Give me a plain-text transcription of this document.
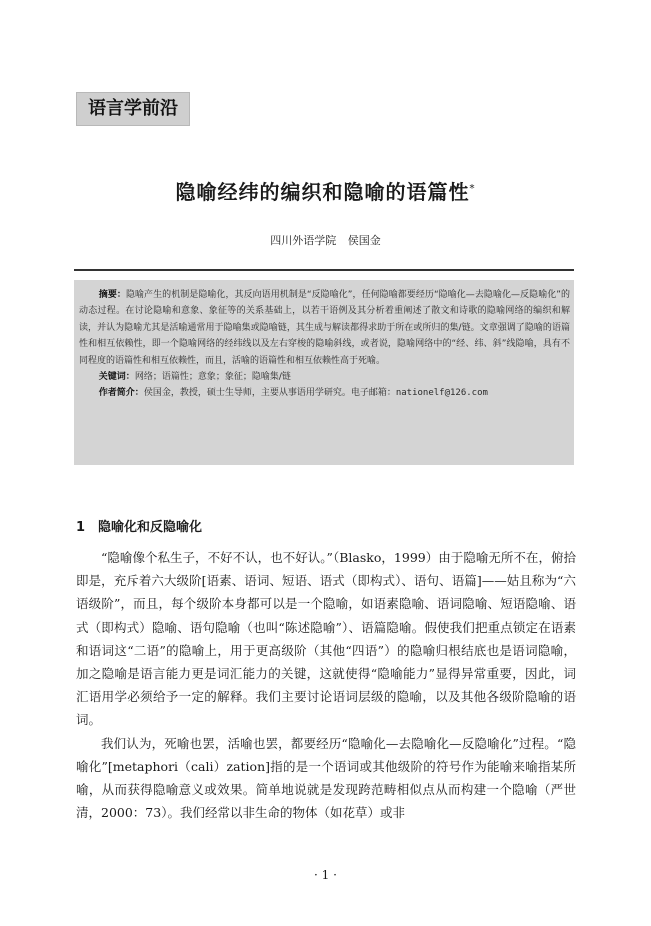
语言学前沿
隐喻经纬的编织和隐喻的语篇性*
四川外语学院 侯国金

摘要：隐喻产生的机制是隐喻化，其反向语用机制是“反隐喻化”，任何隐喻都要经历“隐喻化—去隐喻化—反隐喻化”的动态过程。在讨论隐喻和意象、象征等的关系基础上，以若干语例及其分析着重阐述了散文和诗歌的隐喻网络的编织和解读，并认为隐喻尤其是活喻通常用于隐喻集或隐喻链，其生成与解读都得求助于所在或所归的集/链。文章强调了隐喻的语篇性和相互依赖性，即一个隐喻网络的经纬线以及左右穿梭的隐喻斜线，或者说，隐喻网络中的“经、纬、斜”线隐喻，具有不同程度的语篇性和相互依赖性，而且，活喻的语篇性和相互依赖性高于死喻。

关键词：网络；语篇性；意象；象征；隐喻集/链

作者简介：侯国金，教授，硕士生导师，主要从事语用学研究。电子邮箱：nationelf@126.com

1　隐喻化和反隐喻化

“隐喻像个私生子，不好不认，也不好认。”（Blasko，1999）由于隐喻无所不在，俯拾即是，充斥着六大级阶[语素、语词、短语、语式（即构式）、语句、语篇]——姑且称为“六语级阶”，而且，每个级阶本身都可以是一个隐喻，如语素隐喻、语词隐喻、短语隐喻、语式（即构式）隐喻、语句隐喻（也叫“陈述隐喻”）、语篇隐喻。假使我们把重点锁定在语素和语词这“二语”的隐喻上，用于更高级阶（其他“四语”）的隐喻归根结底也是语词隐喻，加之隐喻是语言能力更是词汇能力的关键，这就使得“隐喻能力”显得异常重要，因此，词汇语用学必须给予一定的解释。我们主要讨论语词层级的隐喻，以及其他各级阶隐喻的语词。

我们认为，死喻也罢，活喻也罢，都要经历“隐喻化—去隐喻化—反隐喻化”过程。“隐喻化”[metaphori（cali）zation]指的是一个语词或其他级阶的符号作为能喻来喻指某所喻，从而获得隐喻意义或效果。简单地说就是发现跨范畴相似点从而构建一个隐喻（严世清，2000：73）。我们经常以非生命的物体（如花草）或非

· 1 ·
